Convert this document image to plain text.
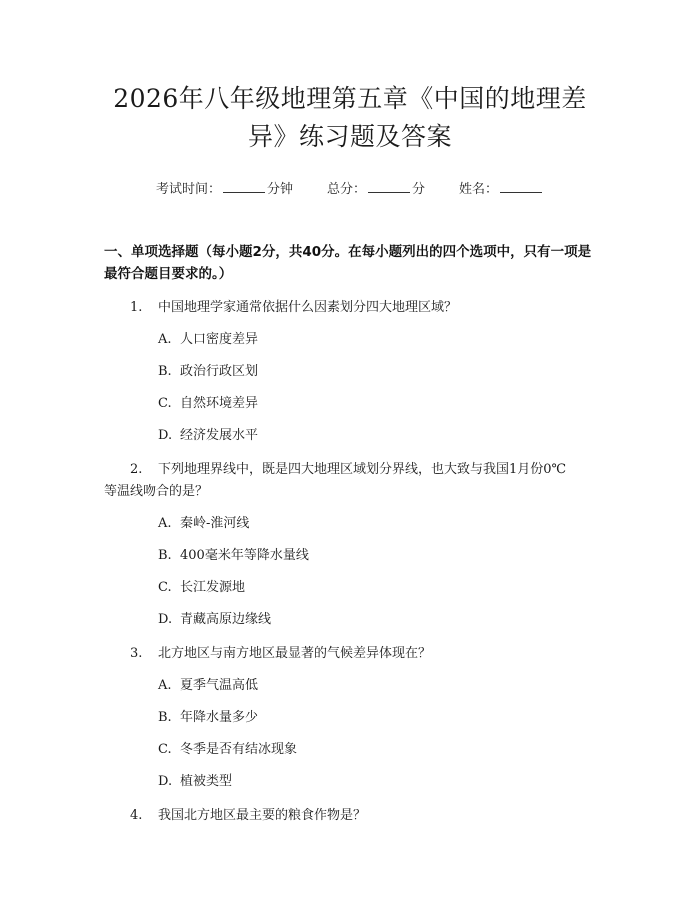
2026年八年级地理第五章《中国的地理差
异》练习题及答案
考试时间：	分钟	总分：	分	姓名：
一、单项选择题（每小题2分，共40分。在每小题列出的四个选项中，只有一项是最符合题目要求的。）
1.	中国地理学家通常依据什么因素划分四大地理区域？
A. 人口密度差异
B. 政治行政区划
C. 自然环境差异
D. 经济发展水平
2.	下列地理界线中，既是四大地理区域划分界线，也大致与我国1月份0℃
等温线吻合的是？
A. 秦岭-淮河线
B. 400毫米年等降水量线
C. 长江发源地
D. 青藏高原边缘线
3.	北方地区与南方地区最显著的气候差异体现在？
A. 夏季气温高低
B. 年降水量多少
C. 冬季是否有结冰现象
D. 植被类型
4.	我国北方地区最主要的粮食作物是？
